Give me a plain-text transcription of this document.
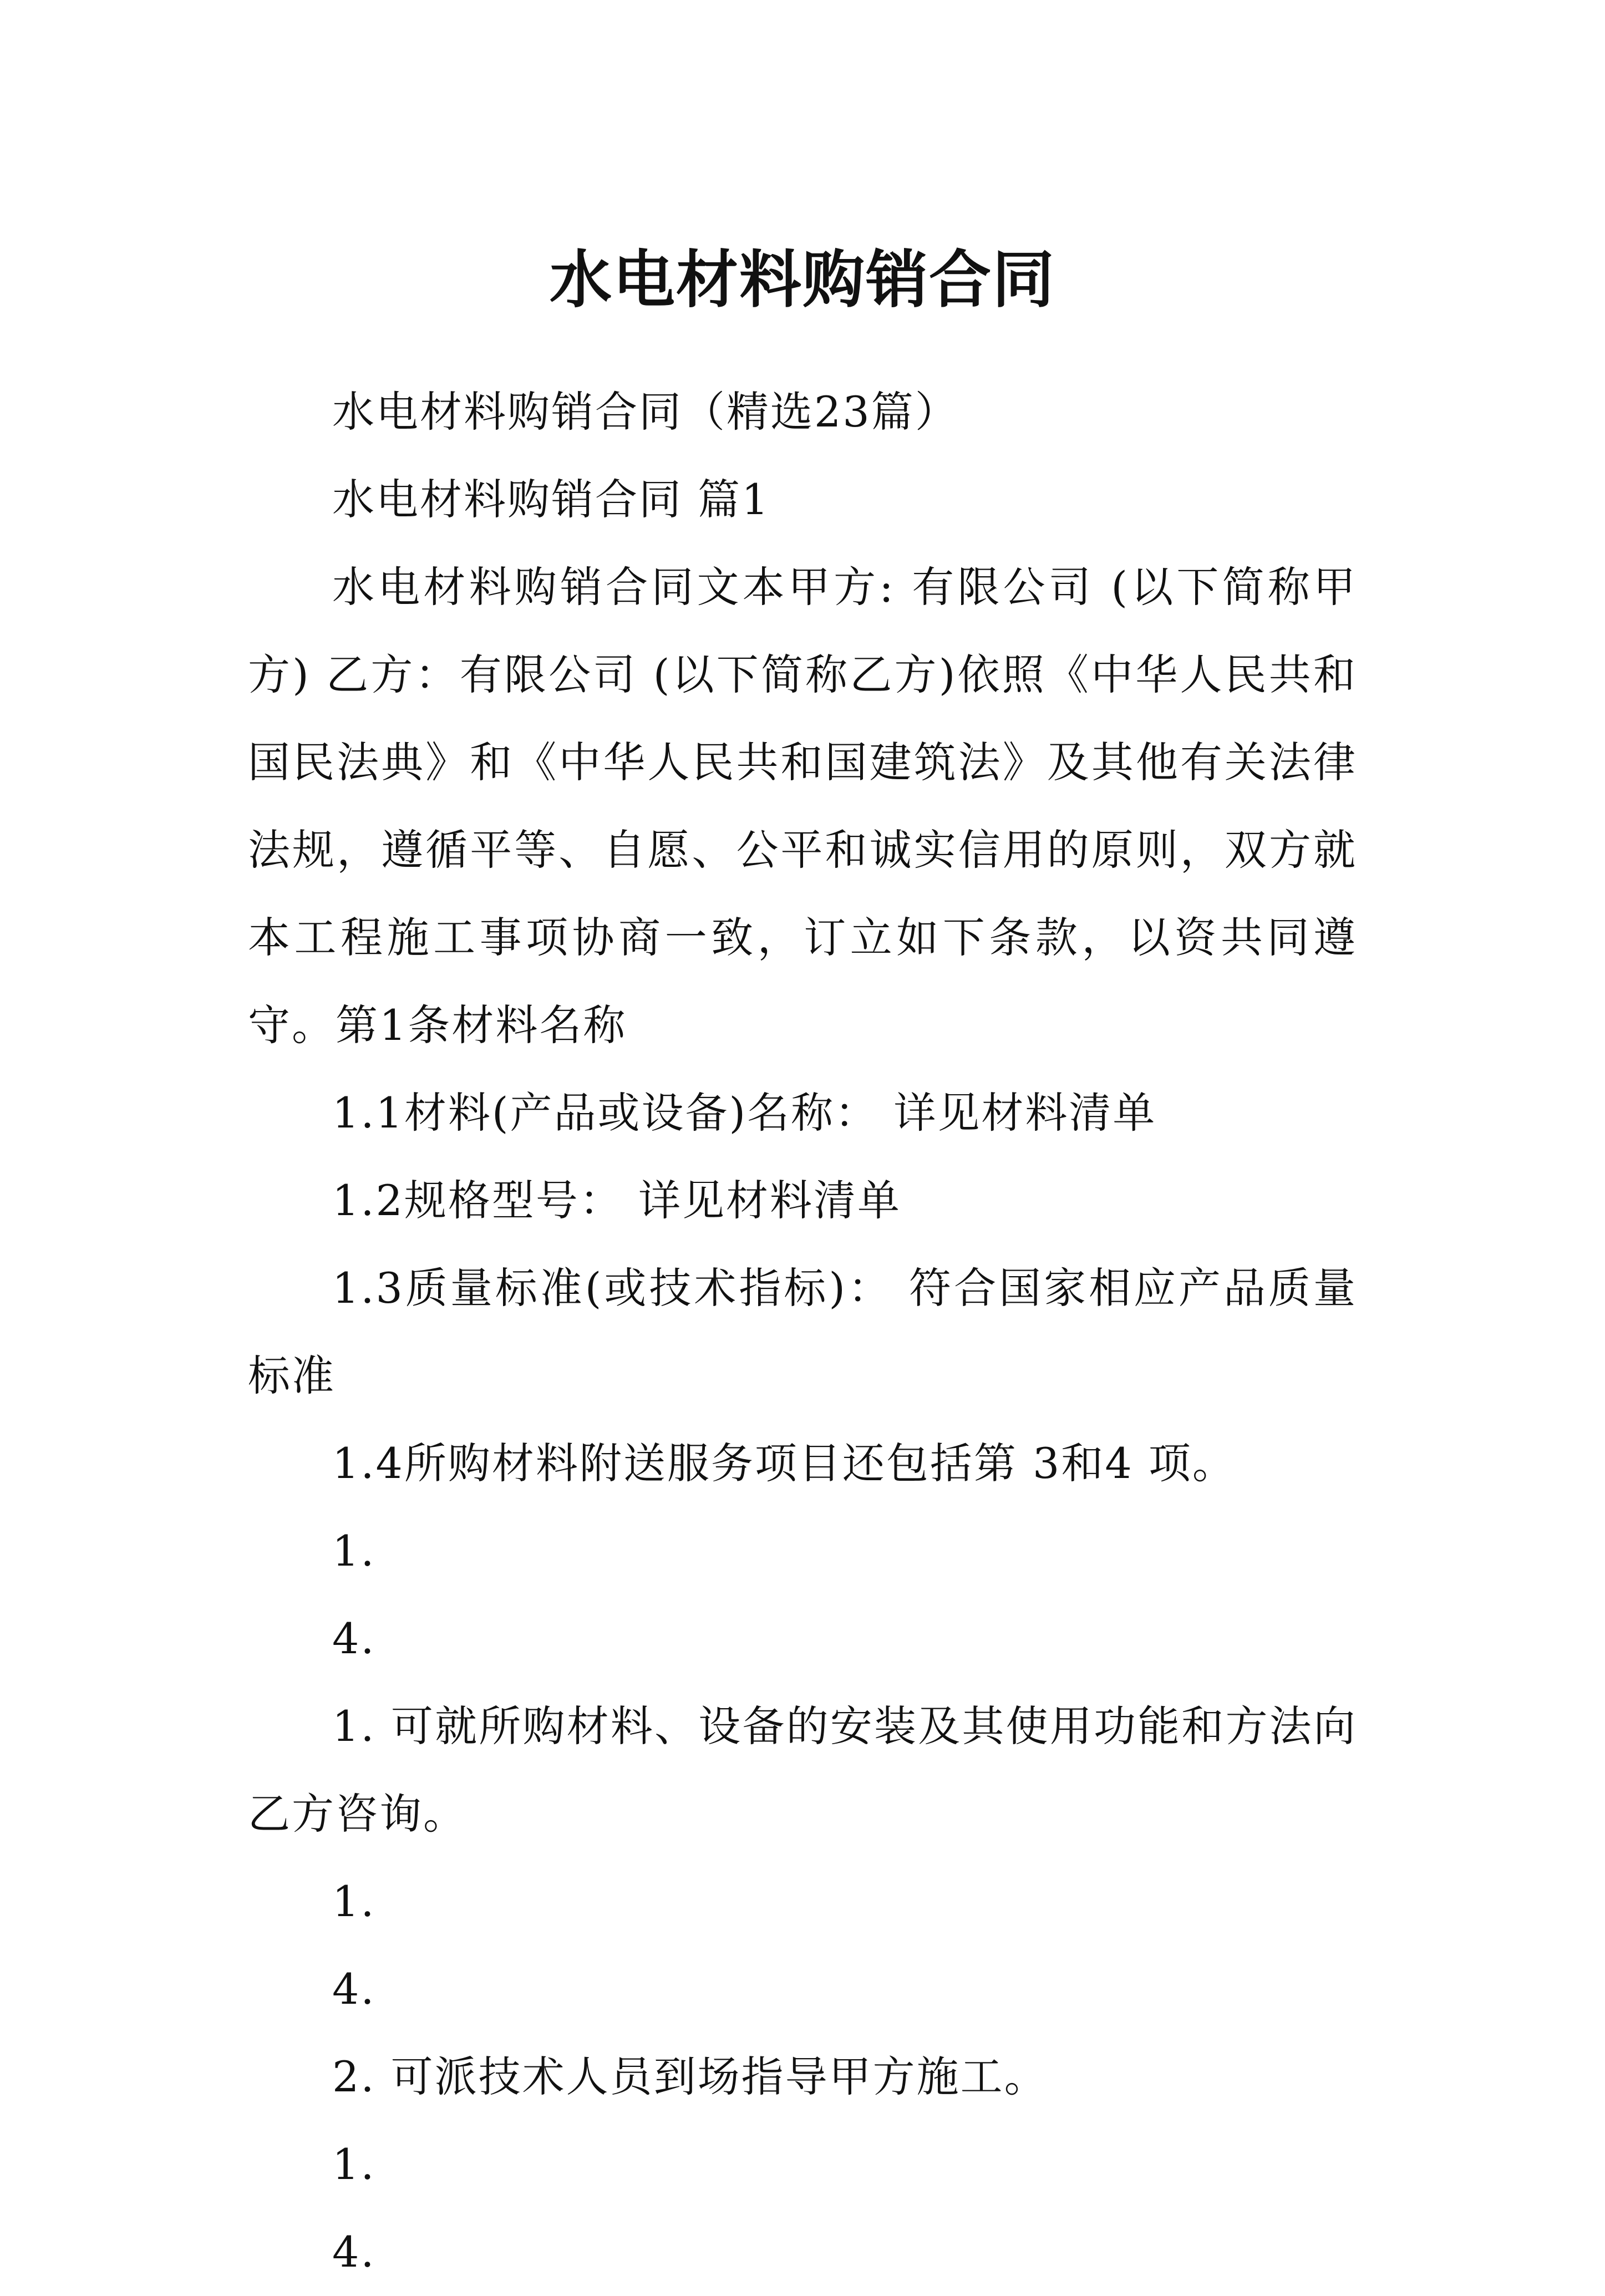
水电材料购销合同

水电材料购销合同（精选23篇）

水电材料购销合同 篇1

水电材料购销合同文本甲方: 有限公司 (以下简称甲方) 乙方：有限公司 (以下简称乙方)依照《中华人民共和国民法典》和《中华人民共和国建筑法》及其他有关法律法规，遵循平等、自愿、公平和诚实信用的原则，双方就本工程施工事项协商一致，订立如下条款，以资共同遵守。第1条材料名称

1.1材料(产品或设备)名称： 详见材料清单

1.2规格型号： 详见材料清单

1.3质量标准(或技术指标)： 符合国家相应产品质量标准

1.4所购材料附送服务项目还包括第 3和4 项。

1.

4.

1. 可就所购材料、设备的安装及其使用功能和方法向乙方咨询。

1.

4.

2. 可派技术人员到场指导甲方施工。

1.

4.
